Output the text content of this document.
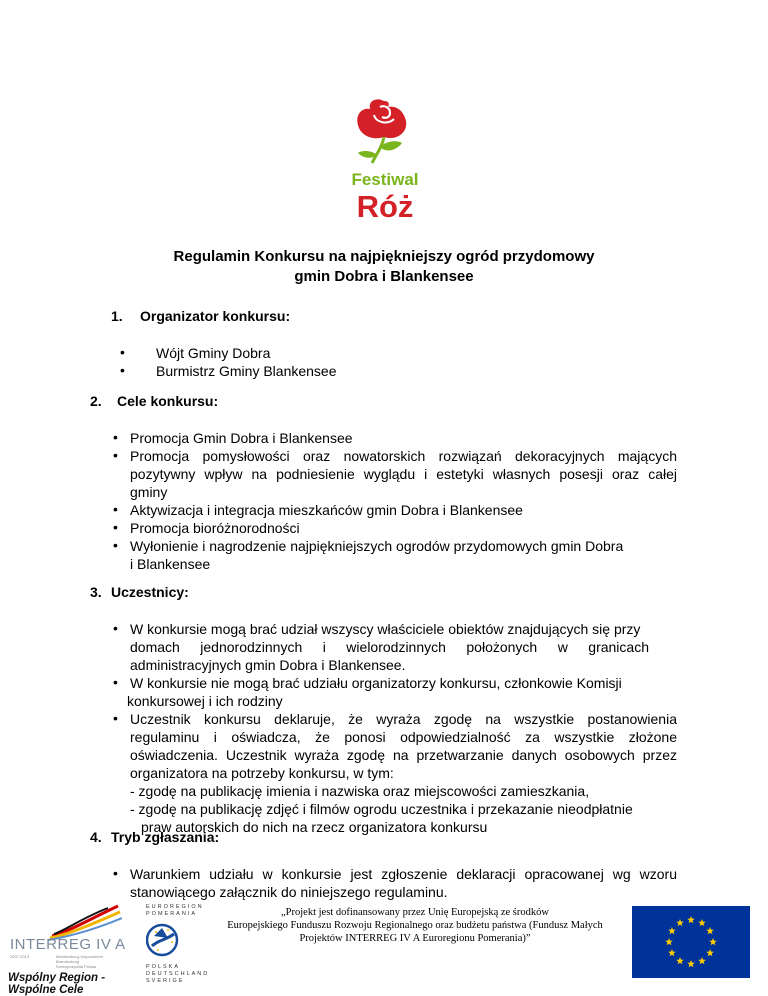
Festiwal
Róż
Regulamin Konkursu na najpiękniejszy ogród przydomowy
gmin Dobra i Blankensee
1. Organizator konkursu:
• Wójt Gminy Dobra
• Burmistrz Gminy Blankensee
2. Cele konkursu:
• Promocja Gmin Dobra i Blankensee
• Promocja pomysłowości oraz nowatorskich rozwiązań dekoracyjnych mających
pozytywny wpływ na podniesienie wyglądu i estetyki własnych posesji oraz całej
gminy
• Aktywizacja i integracja mieszkańców gmin Dobra i Blankensee
• Promocja bioróżnorodności
• Wyłonienie i nagrodzenie najpiękniejszych ogrodów przydomowych gmin Dobra
i Blankensee
3. Uczestnicy:
• W konkursie mogą brać udział wszyscy właściciele obiektów znajdujących się przy
domach jednorodzinnych i wielorodzinnych położonych w granicach
administracyjnych gmin Dobra i Blankensee.
• W konkursie nie mogą brać udziału organizatorzy konkursu, członkowie Komisji
konkursowej i ich rodziny
• Uczestnik konkursu deklaruje, że wyraża zgodę na wszystkie postanowienia
regulaminu i oświadcza, że ponosi odpowiedzialność za wszystkie złożone
oświadczenia. Uczestnik wyraża zgodę na przetwarzanie danych osobowych przez
organizatora na potrzeby konkursu, w tym:
- zgodę na publikację imienia i nazwiska oraz miejscowości zamieszkania,
- zgodę na publikację zdjęć i filmów ogrodu uczestnika i przekazanie nieodpłatnie
praw autorskich do nich na rzecz organizatora konkursu
4. Tryb zgłaszania:
• Warunkiem udziału w konkursie jest zgłoszenie deklaracji opracowanej wg wzoru
stanowiącego załącznik do niniejszego regulaminu.
INTERREG IV A
2007-2013	Mecklenburg-Vorpommern
Brandenburg
Rzeczpospolita Polska
Wspólny Region - Wspólne Cele
EUROREGION
POMERANIA
POLSKA
DEUTSCHLAND
SVERIGE
„Projekt jest dofinansowany przez Unię Europejską ze środków
Europejskiego Funduszu Rozwoju Regionalnego oraz budżetu państwa (Fundusz Małych
Projektów INTERREG IV A Euroregionu Pomerania)”
